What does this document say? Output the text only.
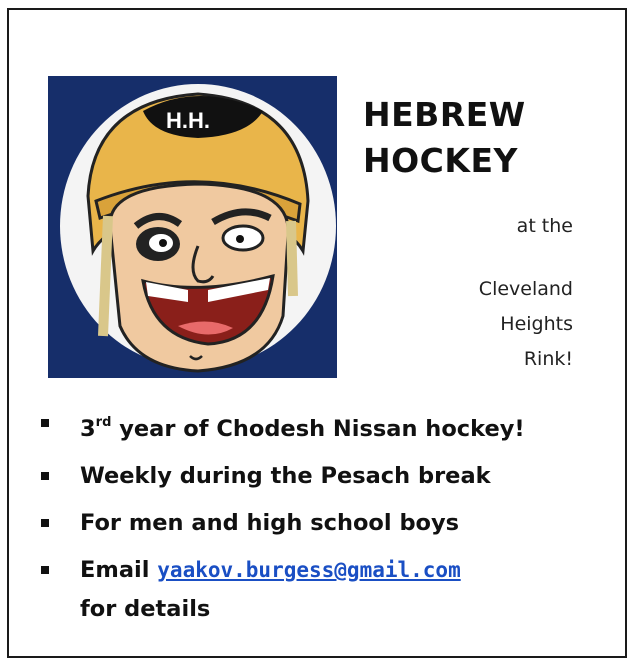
H.H.	HEBREW
HOCKEY
at the
Cleveland
Heights
Rink!
3rd year of Chodesh Nissan hockey!
Weekly during the Pesach break
For men and high school boys
Email yaakov.burgess@gmail.com
for details
